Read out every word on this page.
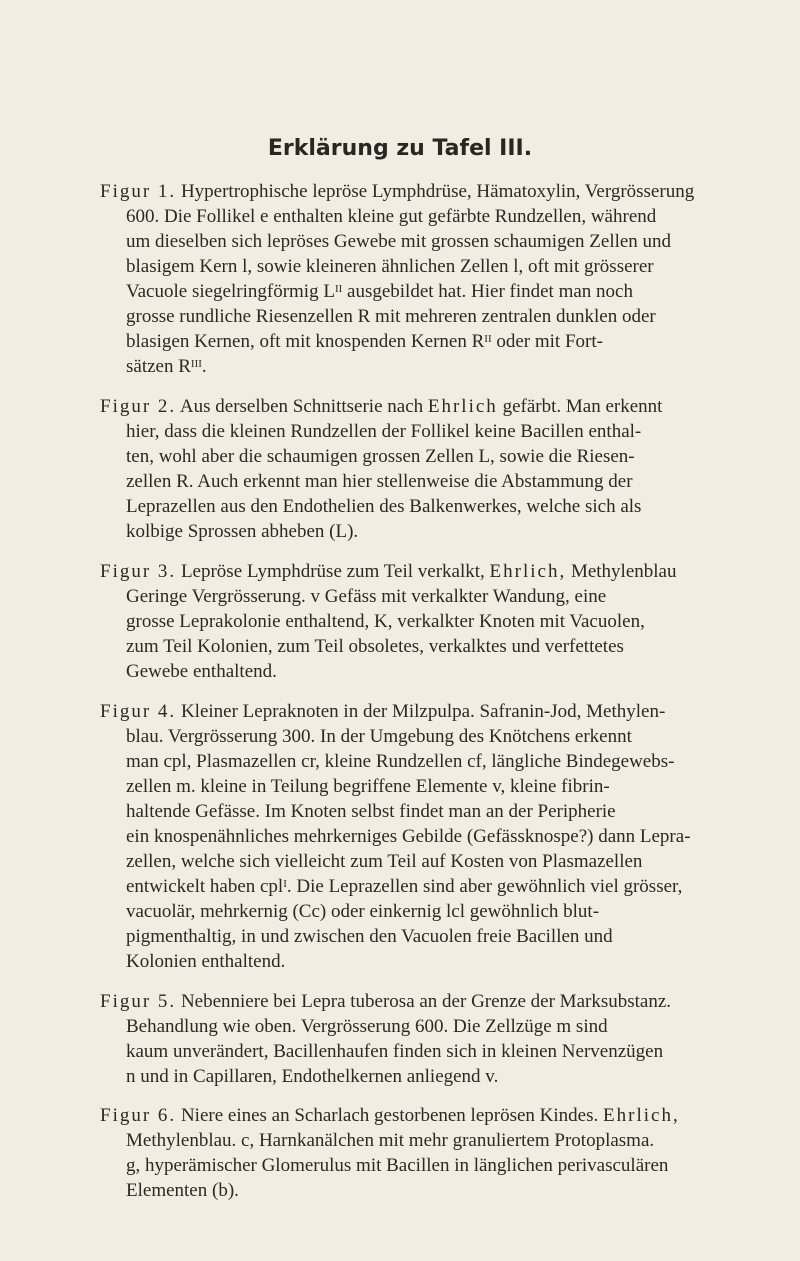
Erklärung zu Tafel III.
Figur 1. Hypertrophische lepröse Lymphdrüse, Hämatoxylin, Vergrösserung
600. Die Follikel e enthalten kleine gut gefärbte Rundzellen, während
um dieselben sich lepröses Gewebe mit grossen schaumigen Zellen und
blasigem Kern l, sowie kleineren ähnlichen Zellen l, oft mit grösserer
Vacuole siegelringförmig $L^{II}$ ausgebildet hat. Hier findet man noch
grosse rundliche Riesenzellen R mit mehreren zentralen dunklen oder
blasigen Kernen, oft mit knospenden Kernen $R^{II}$ oder mit Fort-
sätzen $R^{III}$.
Figur 2. Aus derselben Schnittserie nach Ehrlich gefärbt. Man erkennt
hier, dass die kleinen Rundzellen der Follikel keine Bacillen enthal-
ten, wohl aber die schaumigen grossen Zellen L, sowie die Riesen-
zellen R. Auch erkennt man hier stellenweise die Abstammung der
Leprazellen aus den Endothelien des Balkenwerkes, welche sich als
kolbige Sprossen abheben (L).
Figur 3. Lepröse Lymphdrüse zum Teil verkalkt, Ehrlich, Methylenblau
Geringe Vergrösserung. v Gefäss mit verkalkter Wandung, eine
grosse Leprakolonie enthaltend, K, verkalkter Knoten mit Vacuolen,
zum Teil Kolonien, zum Teil obsoletes, verkalktes und verfettetes
Gewebe enthaltend.
Figur 4. Kleiner Lepraknoten in der Milzpulpa. Safranin-Jod, Methylen-
blau. Vergrösserung 300. In der Umgebung des Knötchens erkennt
man cpl, Plasmazellen cr, kleine Rundzellen cf, längliche Bindegewebs-
zellen m. kleine in Teilung begriffene Elemente v, kleine fibrin-
haltende Gefässe. Im Knoten selbst findet man an der Peripherie
ein knospenähnliches mehrkerniges Gebilde (Gefässknospe?) dann Lepra-
zellen, welche sich vielleicht zum Teil auf Kosten von Plasmazellen
entwickelt haben cpl$^I$. Die Leprazellen sind aber gewöhnlich viel grösser,
vacuolär, mehrkernig (Cc) oder einkernig lcl gewöhnlich blut-
pigmenthaltig, in und zwischen den Vacuolen freie Bacillen und
Kolonien enthaltend.
Figur 5. Nebenniere bei Lepra tuberosa an der Grenze der Marksubstanz.
Behandlung wie oben. Vergrösserung 600. Die Zellzüge m sind
kaum unverändert, Bacillenhaufen finden sich in kleinen Nervenzügen
n und in Capillaren, Endothelkernen anliegend v.
Figur 6. Niere eines an Scharlach gestorbenen leprösen Kindes. Ehrlich,
Methylenblau. c, Harnkanälchen mit mehr granuliertem Protoplasma.
g, hyperämischer Glomerulus mit Bacillen in länglichen perivasculären
Elementen (b).
